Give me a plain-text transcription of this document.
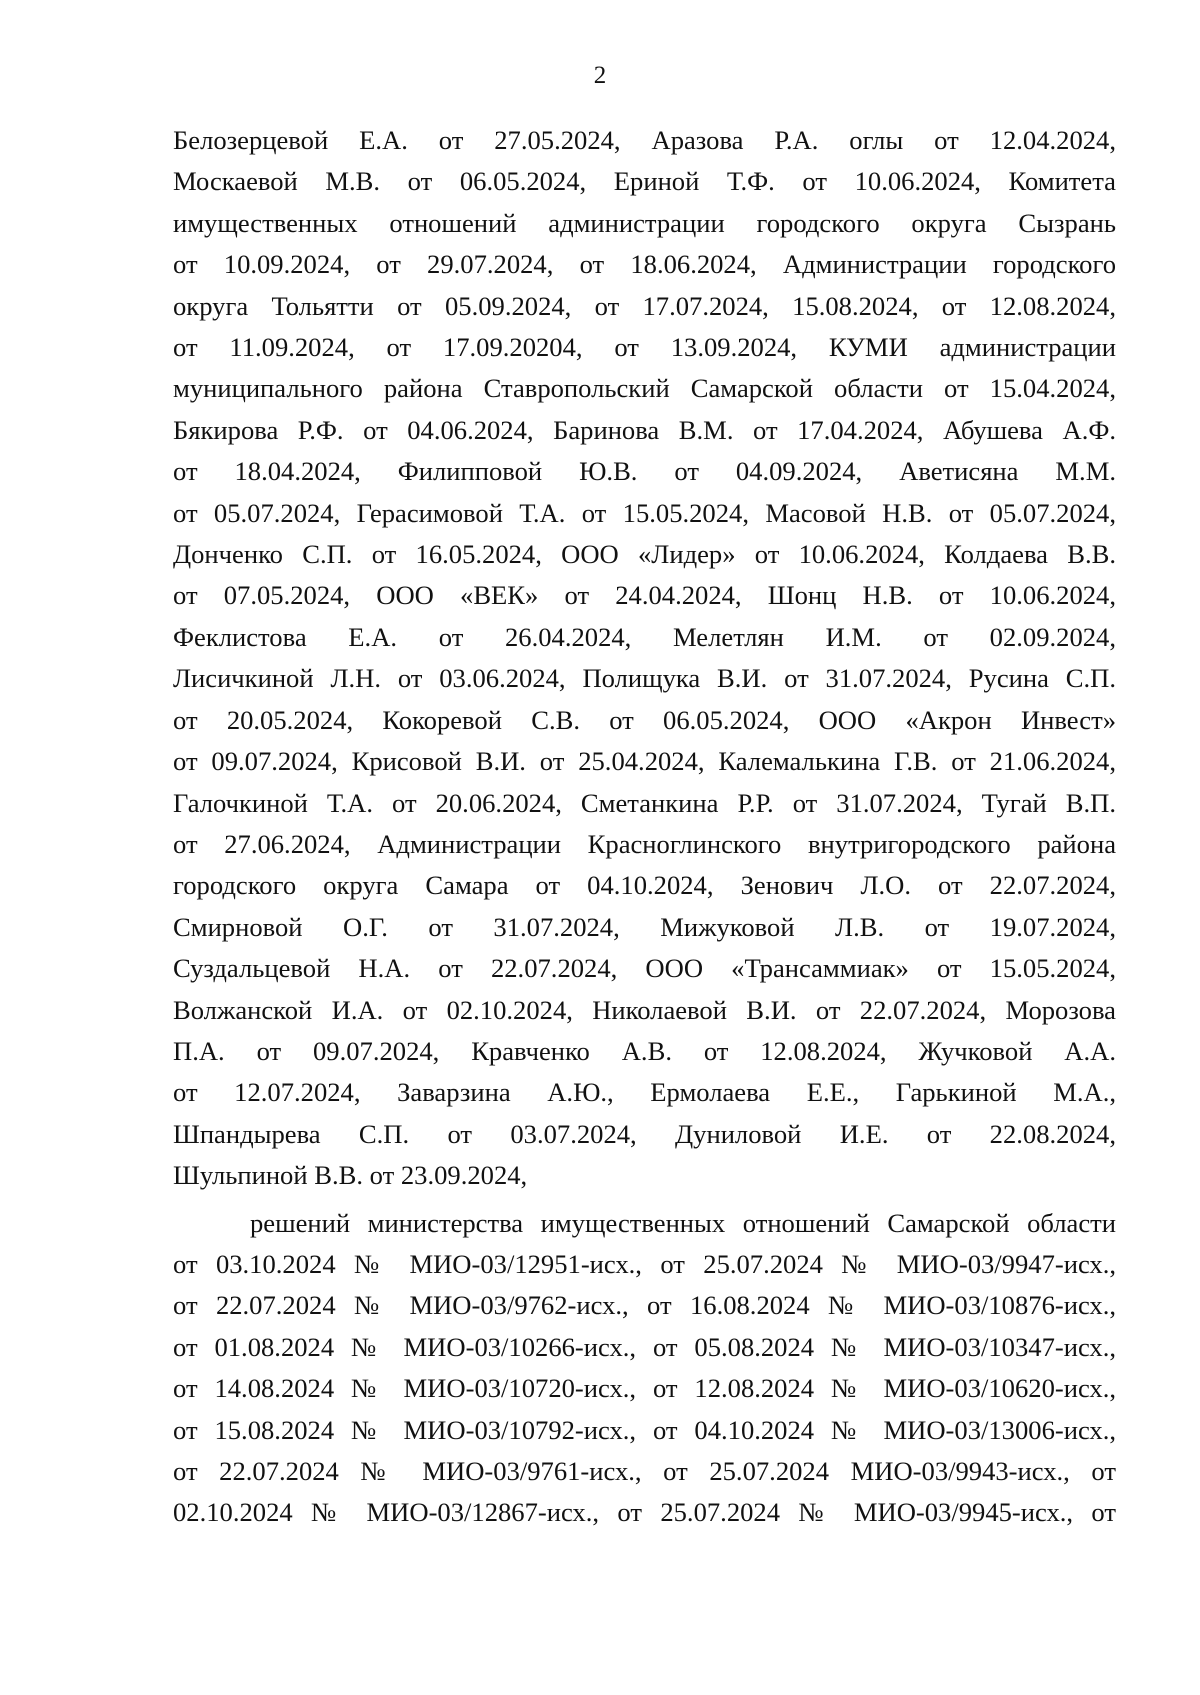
2

Белозерцевой Е.А. от 27.05.2024, Аразова Р.А. оглы от 12.04.2024,
Москаевой М.В. от 06.05.2024, Ериной Т.Ф. от 10.06.2024, Комитета
имущественных отношений администрации городского округа Сызрань
от 10.09.2024, от 29.07.2024, от 18.06.2024, Администрации городского
округа Тольятти от 05.09.2024, от 17.07.2024, 15.08.2024, от 12.08.2024,
от 11.09.2024, от 17.09.20204, от 13.09.2024, КУМИ администрации
муниципального района Ставропольский Самарской области от 15.04.2024,
Бякирова Р.Ф. от 04.06.2024, Баринова В.М. от 17.04.2024, Абушева А.Ф.
от 18.04.2024, Филипповой Ю.В. от 04.09.2024, Аветисяна М.М.
от 05.07.2024, Герасимовой Т.А. от 15.05.2024, Масовой Н.В. от 05.07.2024,
Донченко С.П. от 16.05.2024, ООО «Лидер» от 10.06.2024, Колдаева В.В.
от 07.05.2024, ООО «ВЕК» от 24.04.2024, Шонц Н.В. от 10.06.2024,
Феклистова Е.А. от 26.04.2024, Мелетлян И.М. от 02.09.2024,
Лисичкиной Л.Н. от 03.06.2024, Полищука В.И. от 31.07.2024, Русина С.П.
от 20.05.2024, Кокоревой С.В. от 06.05.2024, ООО «Акрон Инвест»
от 09.07.2024, Крисовой В.И. от 25.04.2024, Калемалькина Г.В. от 21.06.2024,
Галочкиной Т.А. от 20.06.2024, Сметанкина Р.Р. от 31.07.2024, Тугай В.П.
от 27.06.2024, Администрации Красноглинского внутригородского района
городского округа Самара от 04.10.2024, Зенович Л.О. от 22.07.2024,
Смирновой О.Г. от 31.07.2024, Мижуковой Л.В. от 19.07.2024,
Суздальцевой Н.А. от 22.07.2024, ООО «Трансаммиак» от 15.05.2024,
Волжанской И.А. от 02.10.2024, Николаевой В.И. от 22.07.2024, Морозова
П.А. от 09.07.2024, Кравченко А.В. от 12.08.2024, Жучковой А.А.
от 12.07.2024, Заварзина А.Ю., Ермолаева Е.Е., Гарькиной М.А.,
Шпандырева С.П. от 03.07.2024, Дуниловой И.Е. от 22.08.2024,
Шульпиной В.В. от 23.09.2024,

решений министерства имущественных отношений Самарской области
от 03.10.2024 № МИО-03/12951-исх., от 25.07.2024 № МИО-03/9947-исх.,
от 22.07.2024 № МИО-03/9762-исх., от 16.08.2024 № МИО-03/10876-исх.,
от 01.08.2024 № МИО-03/10266-исх., от 05.08.2024 № МИО-03/10347-исх.,
от 14.08.2024 № МИО-03/10720-исх., от 12.08.2024 № МИО-03/10620-исх.,
от 15.08.2024 № МИО-03/10792-исх., от 04.10.2024 № МИО-03/13006-исх.,
от 22.07.2024 № МИО-03/9761-исх., от 25.07.2024 МИО-03/9943-исх., от
02.10.2024 № МИО-03/12867-исх., от 25.07.2024 № МИО-03/9945-исх., от
